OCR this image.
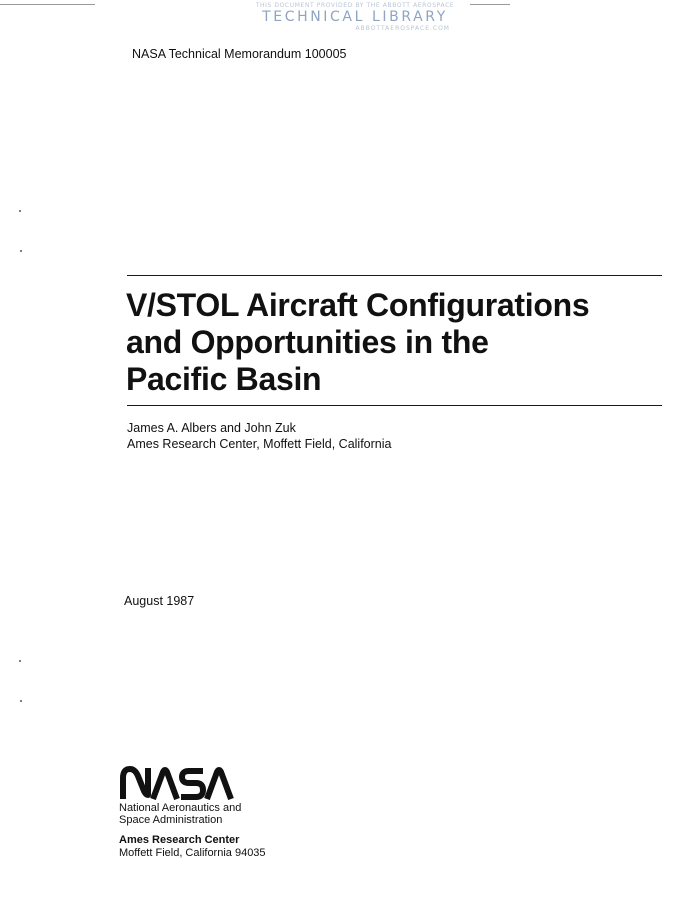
THIS DOCUMENT PROVIDED BY THE ABBOTT AEROSPACE
TECHNICAL LIBRARY
ABBOTTAEROSPACE.COM
NASA Technical Memorandum 100005
V/STOL Aircraft Configurations
and Opportunities in the
Pacific Basin
James A. Albers and John Zuk
Ames Research Center, Moffett Field, California
August 1987
National Aeronautics and
Space Administration
Ames Research Center
Moffett Field, California 94035
